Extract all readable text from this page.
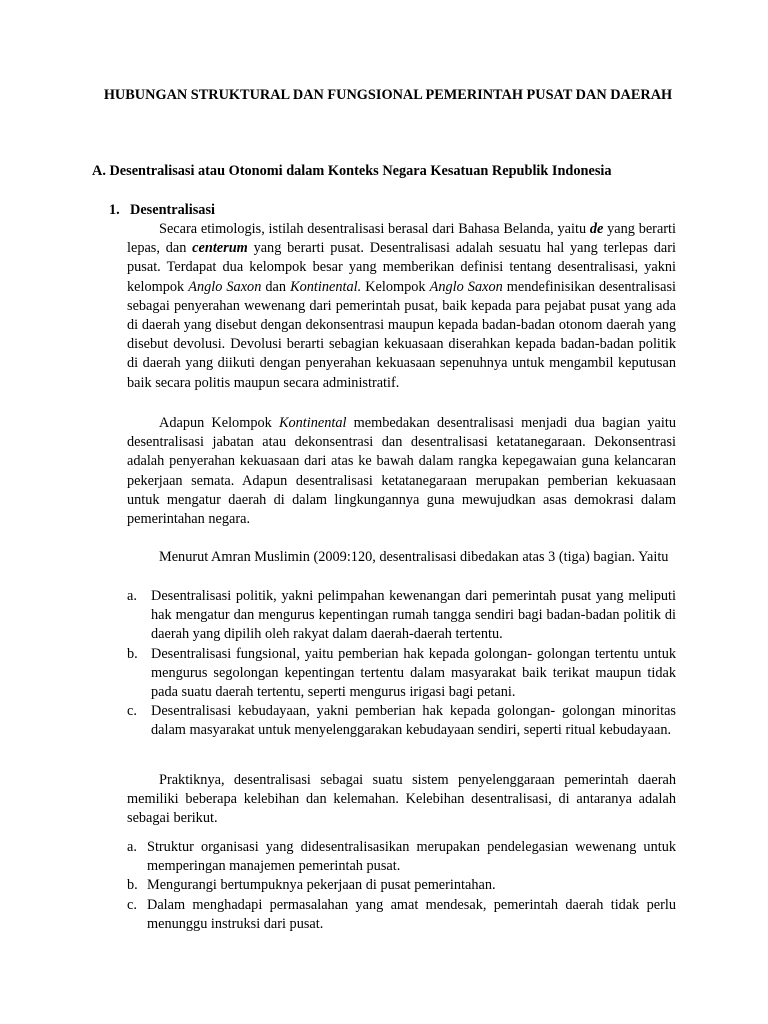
HUBUNGAN STRUKTURAL DAN FUNGSIONAL PEMERINTAH PUSAT DAN DAERAH
A. Desentralisasi atau Otonomi dalam Konteks Negara Kesatuan Republik Indonesia
1. Desentralisasi

Secara etimologis, istilah desentralisasi berasal dari Bahasa Belanda, yaitu de yang berarti lepas, dan centerum yang berarti pusat. Desentralisasi adalah sesuatu hal yang terlepas dari pusat. Terdapat dua kelompok besar yang memberikan definisi tentang desentralisasi, yakni kelompok Anglo Saxon dan Kontinental. Kelompok Anglo Saxon mendefinisikan desentralisasi sebagai penyerahan wewenang dari pemerintah pusat, baik kepada para pejabat pusat yang ada di daerah yang disebut dengan dekonsentrasi maupun kepada badan-badan otonom daerah yang disebut devolusi. Devolusi berarti sebagian kekuasaan diserahkan kepada badan-badan politik di daerah yang diikuti dengan penyerahan kekuasaan sepenuhnya untuk mengambil keputusan baik secara politis maupun secara administratif.

Adapun Kelompok Kontinental membedakan desentralisasi menjadi dua bagian yaitu desentralisasi jabatan atau dekonsentrasi dan desentralisasi ketatanegaraan. Dekonsentrasi adalah penyerahan kekuasaan dari atas ke bawah dalam rangka kepegawaian guna kelancaran pekerjaan semata. Adapun desentralisasi ketatanegaraan merupakan pemberian kekuasaan untuk mengatur daerah di dalam lingkungannya guna mewujudkan asas demokrasi dalam pemerintahan negara.

Menurut Amran Muslimin (2009:120, desentralisasi dibedakan atas 3 (tiga) bagian. Yaitu

a. Desentralisasi politik, yakni pelimpahan kewenangan dari pemerintah pusat yang meliputi hak mengatur dan mengurus kepentingan rumah tangga sendiri bagi badan-badan politik di daerah yang dipilih oleh rakyat dalam daerah-daerah tertentu.
b. Desentralisasi fungsional, yaitu pemberian hak kepada golongan- golongan tertentu untuk mengurus segolongan kepentingan tertentu dalam masyarakat baik terikat maupun tidak pada suatu daerah tertentu, seperti mengurus irigasi bagi petani.
c. Desentralisasi kebudayaan, yakni pemberian hak kepada golongan- golongan minoritas dalam masyarakat untuk menyelenggarakan kebudayaan sendiri, seperti ritual kebudayaan.

Praktiknya, desentralisasi sebagai suatu sistem penyelenggaraan pemerintah daerah memiliki beberapa kelebihan dan kelemahan. Kelebihan desentralisasi, di antaranya adalah sebagai berikut.

a. Struktur organisasi yang didesentralisasikan merupakan pendelegasian wewenang untuk memperingan manajemen pemerintah pusat.
b. Mengurangi bertumpuknya pekerjaan di pusat pemerintahan.
c. Dalam menghadapi permasalahan yang amat mendesak, pemerintah daerah tidak perlu menunggu instruksi dari pusat.
